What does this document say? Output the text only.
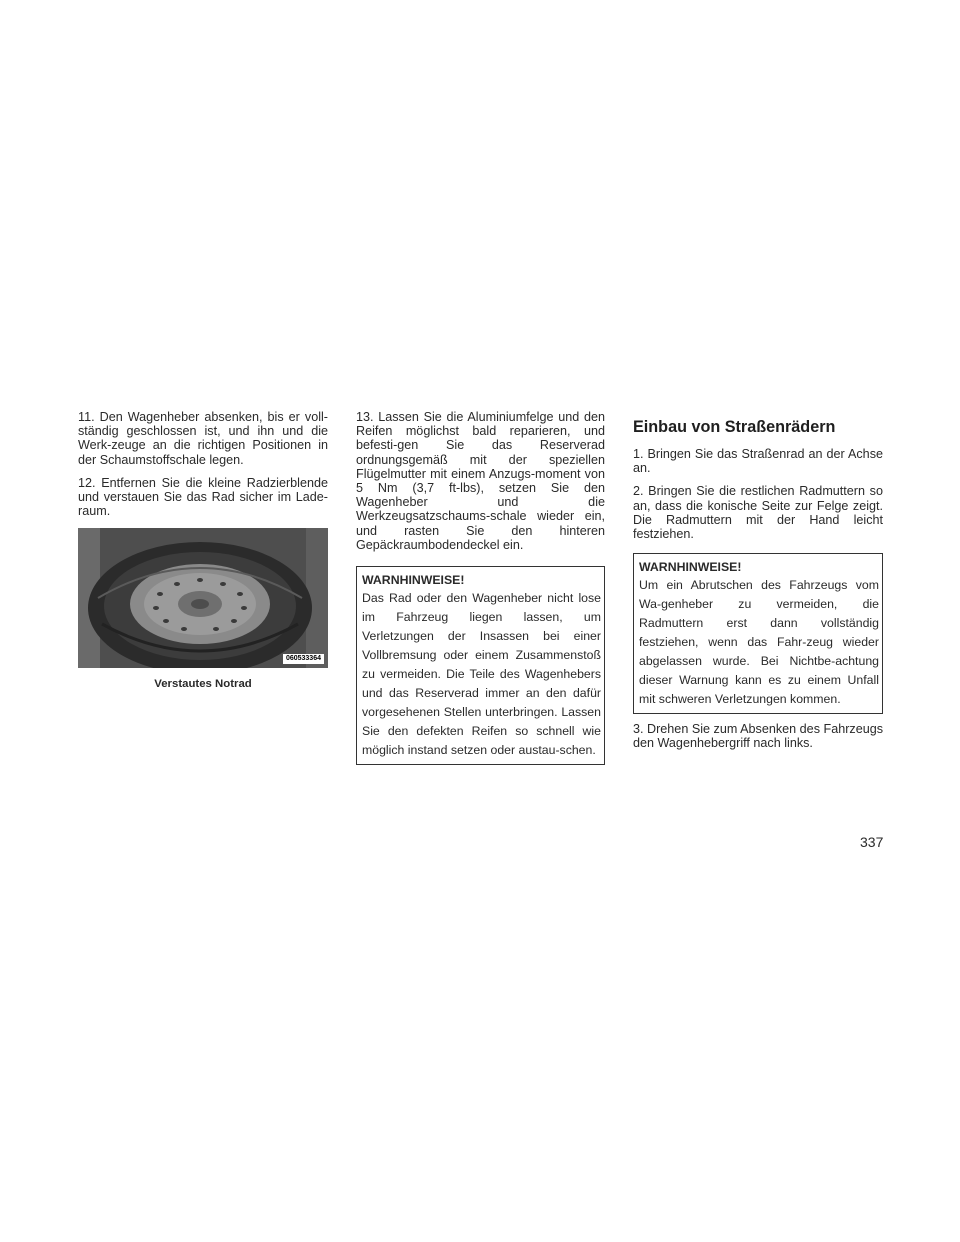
11. Den Wagenheber absenken, bis er voll-ständig geschlossen ist, und ihn und die Werk-zeuge an die richtigen Positionen in der Schaumstoffschale legen.

12. Entfernen Sie die kleine Radzierblende und verstauen Sie das Rad sicher im Lade-raum.

060533364
Verstautes Notrad

13. Lassen Sie die Aluminiumfelge und den Reifen möglichst bald reparieren, und befesti-gen Sie das Reserverad ordnungsgemäß mit der speziellen Flügelmutter mit einem Anzugs-moment von 5 Nm (3,7 ft-lbs), setzen Sie den Wagenheber und die Werkzeugsatzschaums-schale wieder ein, und rasten Sie den hinteren Gepäckraumbodendeckel ein.

WARNHINWEISE!
Das Rad oder den Wagenheber nicht lose im Fahrzeug liegen lassen, um Verletzungen der Insassen bei einer Vollbremsung oder einem Zusammenstoß zu vermeiden. Die Teile des Wagenhebers und das Reserverad immer an den dafür vorgesehenen Stellen unterbringen. Lassen Sie den defekten Reifen so schnell wie möglich instand setzen oder austau-schen.
Einbau von Straßenrädern

1. Bringen Sie das Straßenrad an der Achse an.

2. Bringen Sie die restlichen Radmuttern so an, dass die konische Seite zur Felge zeigt. Die Radmuttern mit der Hand leicht festziehen.

WARNHINWEISE!
Um ein Abrutschen des Fahrzeugs vom Wa-genheber zu vermeiden, die Radmuttern erst dann vollständig festziehen, wenn das Fahr-zeug wieder abgelassen wurde. Bei Nichtbe-achtung dieser Warnung kann es zu einem Unfall mit schweren Verletzungen kommen.

3. Drehen Sie zum Absenken des Fahrzeugs den Wagenhebergriff nach links.

337
